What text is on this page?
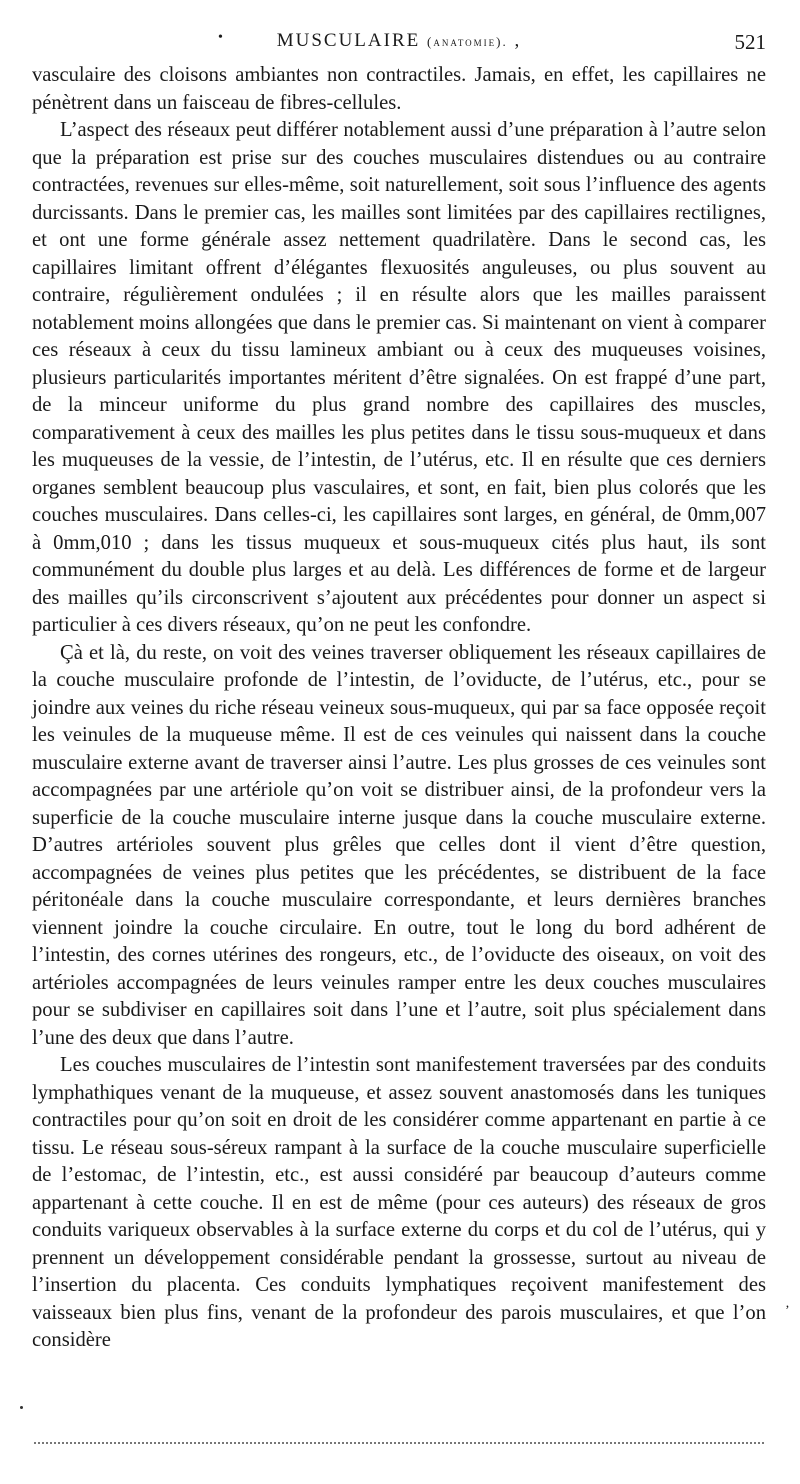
•	MUSCULAIRE (anatomie). ,	521

vasculaire des cloisons ambiantes non contractiles. Jamais, en effet, les capillaires ne pénètrent dans un faisceau de fibres-cellules.

L’aspect des réseaux peut différer notablement aussi d’une préparation à l’autre selon que la préparation est prise sur des couches musculaires distendues ou au contraire contractées, revenues sur elles-même, soit naturellement, soit sous l’influence des agents durcissants. Dans le premier cas, les mailles sont limitées par des capillaires rectilignes, et ont une forme générale assez nettement quadrilatère. Dans le second cas, les capillaires limitant offrent d’élégantes flexuosités anguleuses, ou plus souvent au contraire, régulièrement ondulées ; il en résulte alors que les mailles paraissent notablement moins allongées que dans le premier cas. Si maintenant on vient à comparer ces réseaux à ceux du tissu lamineux ambiant ou à ceux des muqueuses voisines, plusieurs particularités importantes méritent d’être signalées. On est frappé d’une part, de la minceur uniforme du plus grand nombre des capillaires des muscles, comparativement à ceux des mailles les plus petites dans le tissu sous-muqueux et dans les muqueuses de la vessie, de l’intestin, de l’utérus, etc. Il en résulte que ces derniers organes semblent beaucoup plus vasculaires, et sont, en fait, bien plus colorés que les couches musculaires. Dans celles-ci, les capillaires sont larges, en général, de 0mm,007 à 0mm,010 ; dans les tissus muqueux et sous-muqueux cités plus haut, ils sont communément du double plus larges et au delà. Les différences de forme et de largeur des mailles qu’ils circonscrivent s’ajoutent aux précédentes pour donner un aspect si particulier à ces divers réseaux, qu’on ne peut les confondre.

Çà et là, du reste, on voit des veines traverser obliquement les réseaux capillaires de la couche musculaire profonde de l’intestin, de l’oviducte, de l’utérus, etc., pour se joindre aux veines du riche réseau veineux sous-muqueux, qui par sa face opposée reçoit les veinules de la muqueuse même. Il est de ces veinules qui naissent dans la couche musculaire externe avant de traverser ainsi l’autre. Les plus grosses de ces veinules sont accompagnées par une artériole qu’on voit se distribuer ainsi, de la profondeur vers la superficie de la couche musculaire interne jusque dans la couche musculaire externe. D’autres artérioles souvent plus grêles que celles dont il vient d’être question, accompagnées de veines plus petites que les précédentes, se distribuent de la face péritonéale dans la couche musculaire correspondante, et leurs dernières branches viennent joindre la couche circulaire. En outre, tout le long du bord adhérent de l’intestin, des cornes utérines des rongeurs, etc., de l’oviducte des oiseaux, on voit des artérioles accompagnées de leurs veinules ramper entre les deux couches musculaires pour se subdiviser en capillaires soit dans l’une et l’autre, soit plus spécialement dans l’une des deux que dans l’autre.

Les couches musculaires de l’intestin sont manifestement traversées par des conduits lymphathiques venant de la muqueuse, et assez souvent anastomosés dans les tuniques contractiles pour qu’on soit en droit de les considérer comme appartenant en partie à ce tissu. Le réseau sous-séreux rampant à la surface de la couche musculaire superficielle de l’estomac, de l’intestin, etc., est aussi considéré par beaucoup d’auteurs comme appartenant à cette couche. Il en est de même (pour ces auteurs) des réseaux de gros conduits variqueux observables à la surface externe du corps et du col de l’utérus, qui y prennent un développement considérable pendant la grossesse, surtout au niveau de l’insertion du placenta. Ces conduits lymphatiques reçoivent manifestement des vaisseaux bien plus fins, venant de la profondeur des parois musculaires, et que l’on considère

‚
